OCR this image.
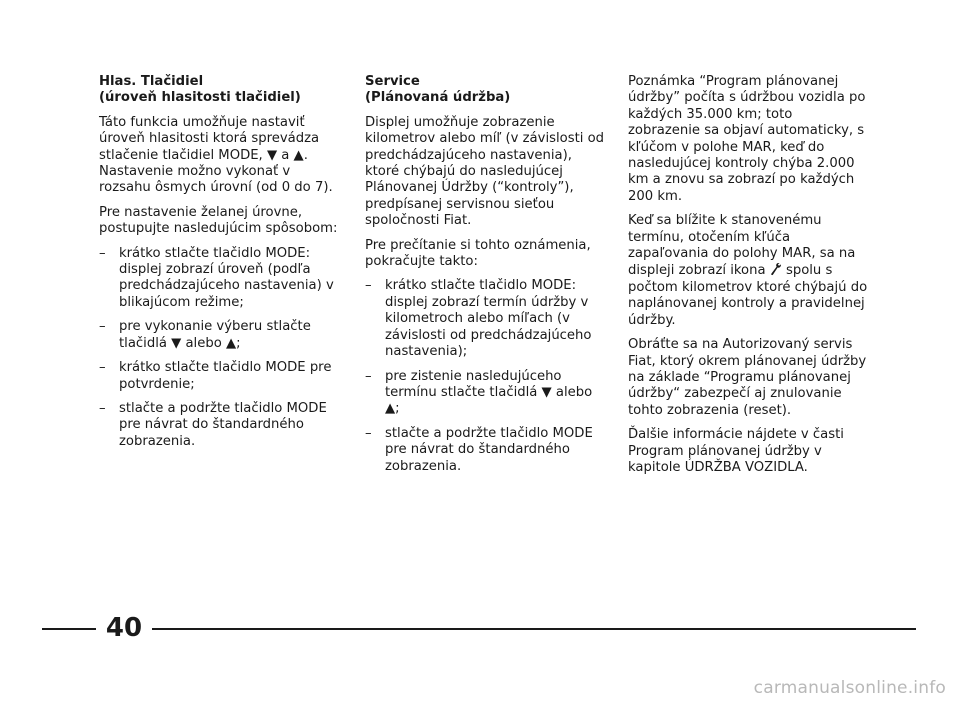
Hlas. Tlačidiel
(úroveň hlasitosti tlačidiel)

Táto funkcia umožňuje nastaviť úroveň hlasitosti ktorá sprevádza stlačenie tlačidiel MODE, ▼ a ▲. Nastavenie možno vykonať v rozsahu ôsmych úrovní (od 0 do 7).

Pre nastavenie želanej úrovne, postupujte nasledujúcim spôsobom:

– krátko stlačte tlačidlo MODE: displej zobrazí úroveň (podľa predchádzajúceho nastavenia) v blikajúcom režime;
– pre vykonanie výberu stlačte tlačidlá ▼ alebo ▲;
– krátko stlačte tlačidlo MODE pre potvrdenie;
– stlačte a podržte tlačidlo MODE pre návrat do štandardného zobrazenia.
Service
(Plánovaná údržba)

Displej umožňuje zobrazenie kilometrov alebo míľ (v závislosti od predchádzajúceho nastavenia), ktoré chýbajú do nasledujúcej Plánovanej Údržby (“kontroly”), predpísanej servisnou sieťou spoločnosti Fiat.

Pre prečítanie si tohto oznámenia, pokračujte takto:

– krátko stlačte tlačidlo MODE: displej zobrazí termín údržby v kilometroch alebo míľach (v závislosti od predchádzajúceho nastavenia);
– pre zistenie nasledujúceho termínu stlačte tlačidlá ▼ alebo ▲;
– stlačte a podržte tlačidlo MODE pre návrat do štandardného zobrazenia.

Poznámka “Program plánovanej údržby” počíta s údržbou vozidla po každých 35.000 km; toto zobrazenie sa objaví automaticky, s kľúčom v polohe MAR, keď do nasledujúcej kontroly chýba 2.000 km a znovu sa zobrazí po každých 200 km.

Keď sa blížite k stanovenému termínu, otočením kľúča zapaľovania do polohy MAR, sa na displeji zobrazí ikona  spolu s počtom kilometrov ktoré chýbajú do naplánovanej kontroly a pravidelnej údržby.

Obráťte sa na Autorizovaný servis Fiat, ktorý okrem plánovanej údržby na základe “Programu plánovanej údržby“ zabezpečí aj znulovanie tohto zobrazenia (reset).

Ďalšie informácie nájdete v časti Program plánovanej údržby v kapitole ÚDRŽBA VOZIDLA.

40
carmanualsonline.info
